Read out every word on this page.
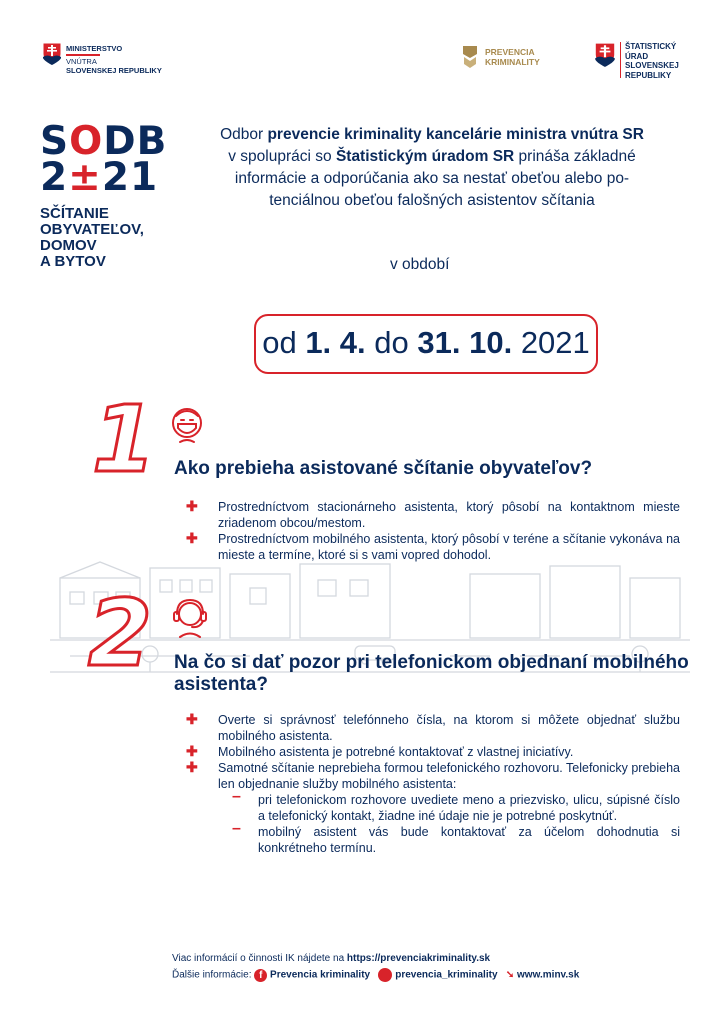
MINISTERSTVO
VNÚTRA
SLOVENSKEJ REPUBLIKY
PREVENCIA
KRIMINALITY
ŠTATISTICKÝ
ÚRAD
SLOVENSKEJ
REPUBLIKY
SODB
2±21
SČÍTANIE
OBYVATEĽOV,
DOMOV
A BYTOV
Odbor prevencie kriminality kancelárie ministra vnútra SR
v spolupráci so Štatistickým úradom SR prináša základné
informácie a odporúčania ako sa nestať obeťou alebo po-
tenciálnou obeťou falošných asistentov sčítania
v období
od 1. 4. do 31. 10. 2021
1 Ako prebieha asistované sčítanie obyvateľov?
✚ Prostredníctvom stacionárneho asistenta, ktorý pôsobí na kontaktnom mieste zriadenom obcou/mestom.
✚ Prostredníctvom mobilného asistenta, ktorý pôsobí v teréne a sčítanie vykonáva na mieste a termíne, ktoré si s vami vopred dohodol.
2 Na čo si dať pozor pri telefonickom objednaní mobilného asistenta?
✚ Overte si správnosť telefónneho čísla, na ktorom si môžete objednať službu mobilného asistenta.
✚ Mobilného asistenta je potrebné kontaktovať z vlastnej iniciatívy.
✚ Samotné sčítanie neprebieha formou telefonického rozhovoru. Telefonicky prebieha len objednanie služby mobilného asistenta:
– pri telefonickom rozhovore uvediete meno a priezvisko, ulicu, súpisné číslo a telefonický kontakt, žiadne iné údaje nie je potrebné poskytnúť.
– mobilný asistent vás bude kontaktovať za účelom dohodnutia si konkrétneho termínu.
Viac informácií o činnosti IK nájdete na https://prevenciakriminality.sk
Ďalšie informácie: f Prevencia kriminality	prevencia_kriminality ➘ www.minv.sk
